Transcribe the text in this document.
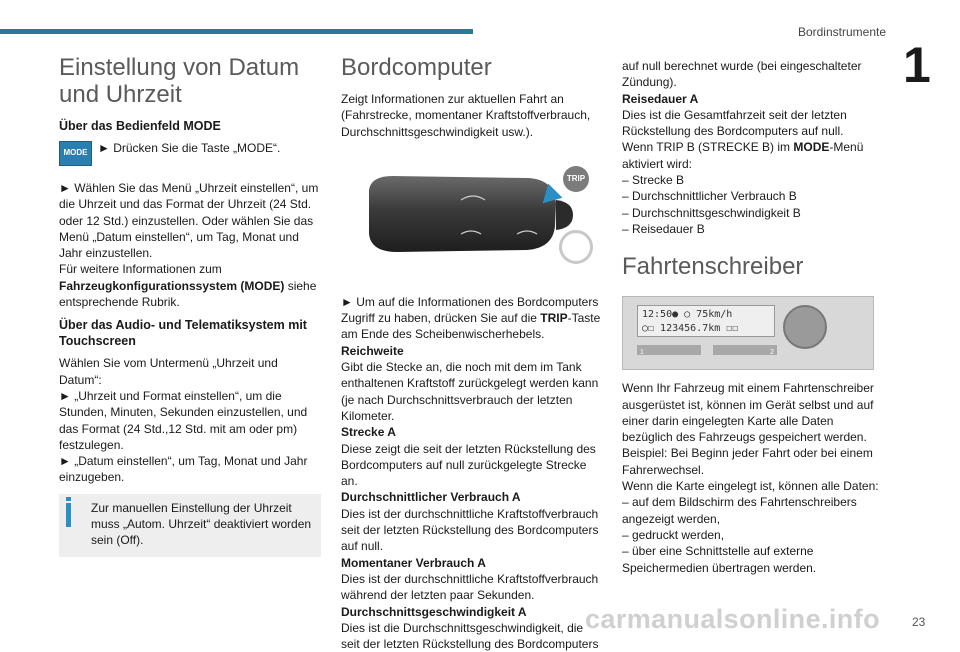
Bordinstrumente
1
Einstellung von Datum und Uhrzeit
Über das Bedienfeld MODE
MODE ► Drücken Sie die Taste „MODE“.

► Wählen Sie das Menü „Uhrzeit einstellen“, um die Uhrzeit und das Format der Uhrzeit (24 Std. oder 12 Std.) einzustellen. Oder wählen Sie das Menü „Datum einstellen“, um Tag, Monat und Jahr einzustellen.

Für weitere Informationen zum Fahrzeugkonfigurationssystem (MODE) siehe entsprechende Rubrik.

Über das Audio- und Telematiksystem mit Touchscreen

Wählen Sie vom Untermenü „Uhrzeit und Datum“:

► „Uhrzeit und Format einstellen“, um die Stunden, Minuten, Sekunden einzustellen, und das Format (24 Std.,12 Std. mit am oder pm) festzulegen.

► „Datum einstellen“, um Tag, Monat und Jahr einzugeben.

Zur manuellen Einstellung der Uhrzeit muss „Autom. Uhrzeit“ deaktiviert worden sein (Off).

Bordcomputer

Zeigt Informationen zur aktuellen Fahrt an (Fahrstrecke, momentaner Kraftstoffverbrauch, Durchschnittsgeschwindigkeit usw.).

TRIP

► Um auf die Informationen des Bordcomputers Zugriff zu haben, drücken Sie auf die TRIP-Taste am Ende des Scheibenwischerhebels.

Reichweite

Gibt die Stecke an, die noch mit dem im Tank enthaltenen Kraftstoff zurückgelegt werden kann (je nach Durchschnittsverbrauch der letzten Kilometer.

Strecke A

Diese zeigt die seit der letzten Rückstellung des Bordcomputers auf null zurückgelegte Strecke an.

Durchschnittlicher Verbrauch A

Dies ist der durchschnittliche Kraftstoffverbrauch seit der letzten Rückstellung des Bordcomputers auf null.

Momentaner Verbrauch A

Dies ist der durchschnittliche Kraftstoffverbrauch während der letzten paar Sekunden.

Durchschnittsgeschwindigkeit A

Dies ist die Durchschnittsgeschwindigkeit, die seit der letzten Rückstellung des Bordcomputers

auf null berechnet wurde (bei eingeschalteter Zündung).

Reisedauer A

Dies ist die Gesamtfahrzeit seit der letzten Rückstellung des Bordcomputers auf null.

Wenn TRIP B (STRECKE B) im MODE-Menü aktiviert wird:

– Strecke B

– Durchschnittlicher Verbrauch B

– Durchschnittsgeschwindigkeit B

– Reisedauer B

Fahrtenschreiber
12:50● ○ 75km/h
○☐ 123456.7km ☐☐
1	2

Wenn Ihr Fahrzeug mit einem Fahrtenschreiber ausgerüstet ist, können im Gerät selbst und auf einer darin eingelegten Karte alle Daten bezüglich des Fahrzeugs gespeichert werden.

Beispiel: Bei Beginn jeder Fahrt oder bei einem Fahrerwechsel.

Wenn die Karte eingelegt ist, können alle Daten:

– auf dem Bildschirm des Fahrtenschreibers angezeigt werden,

– gedruckt werden,

– über eine Schnittstelle auf externe Speichermedien übertragen werden.

carmanualsonline.info	23
